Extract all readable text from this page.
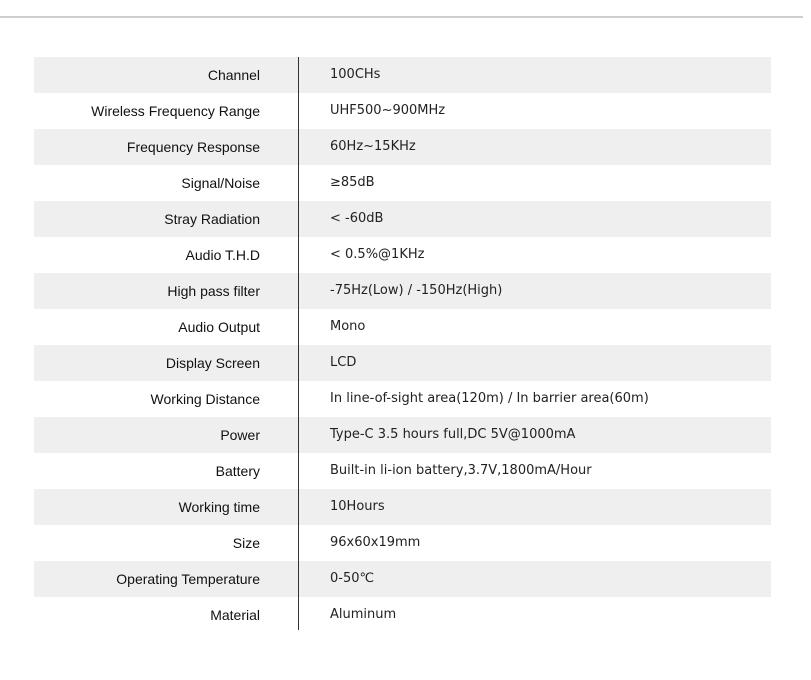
Channel	100CHs
Wireless Frequency Range	UHF500~900MHz
Frequency Response	60Hz~15KHz
Signal/Noise	≥85dB
Stray Radiation	< -60dB
Audio T.H.D	< 0.5%@1KHz
High pass filter	-75Hz(Low) / -150Hz(High)
Audio Output	Mono
Display Screen	LCD
Working Distance	In line-of-sight area(120m) / In barrier area(60m)
Power	Type-C 3.5 hours full,DC 5V@1000mA
Battery	Built-in li-ion battery,3.7V,1800mA/Hour
Working time	10Hours
Size	96x60x19mm
Operating Temperature	0-50℃
Material	Aluminum
